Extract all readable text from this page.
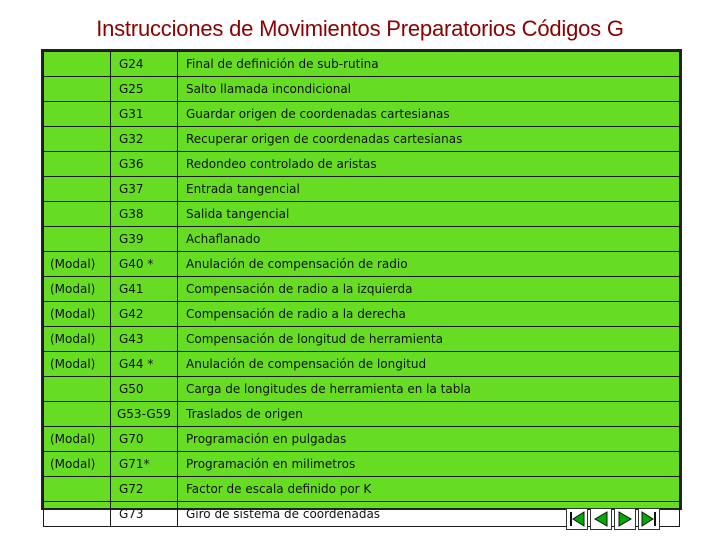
Instrucciones de Movimientos Preparatorios Códigos G
	G24	Final de definición de sub-rutina
	G25	Salto llamada incondicional
	G31	Guardar origen de coordenadas cartesianas
	G32	Recuperar origen de coordenadas cartesianas
	G36	Redondeo controlado de aristas
	G37	Entrada tangencial
	G38	Salida tangencial
	G39	Achaflanado
(Modal)	G40 *	Anulación de compensación de radio
(Modal)	G41	Compensación de radio a la izquierda
(Modal)	G42	Compensación de radio a la derecha
(Modal)	G43	Compensación de longitud de herramienta
(Modal)	G44 *	Anulación de compensación de longitud
	G50	Carga de longitudes de herramienta en la tabla
	G53-G59	Traslados de origen
(Modal)	G70	Programación en pulgadas
(Modal)	G71*	Programación en milimetros
	G72	Factor de escala definido por K
	G73	Giro de sistema de coordenadas
